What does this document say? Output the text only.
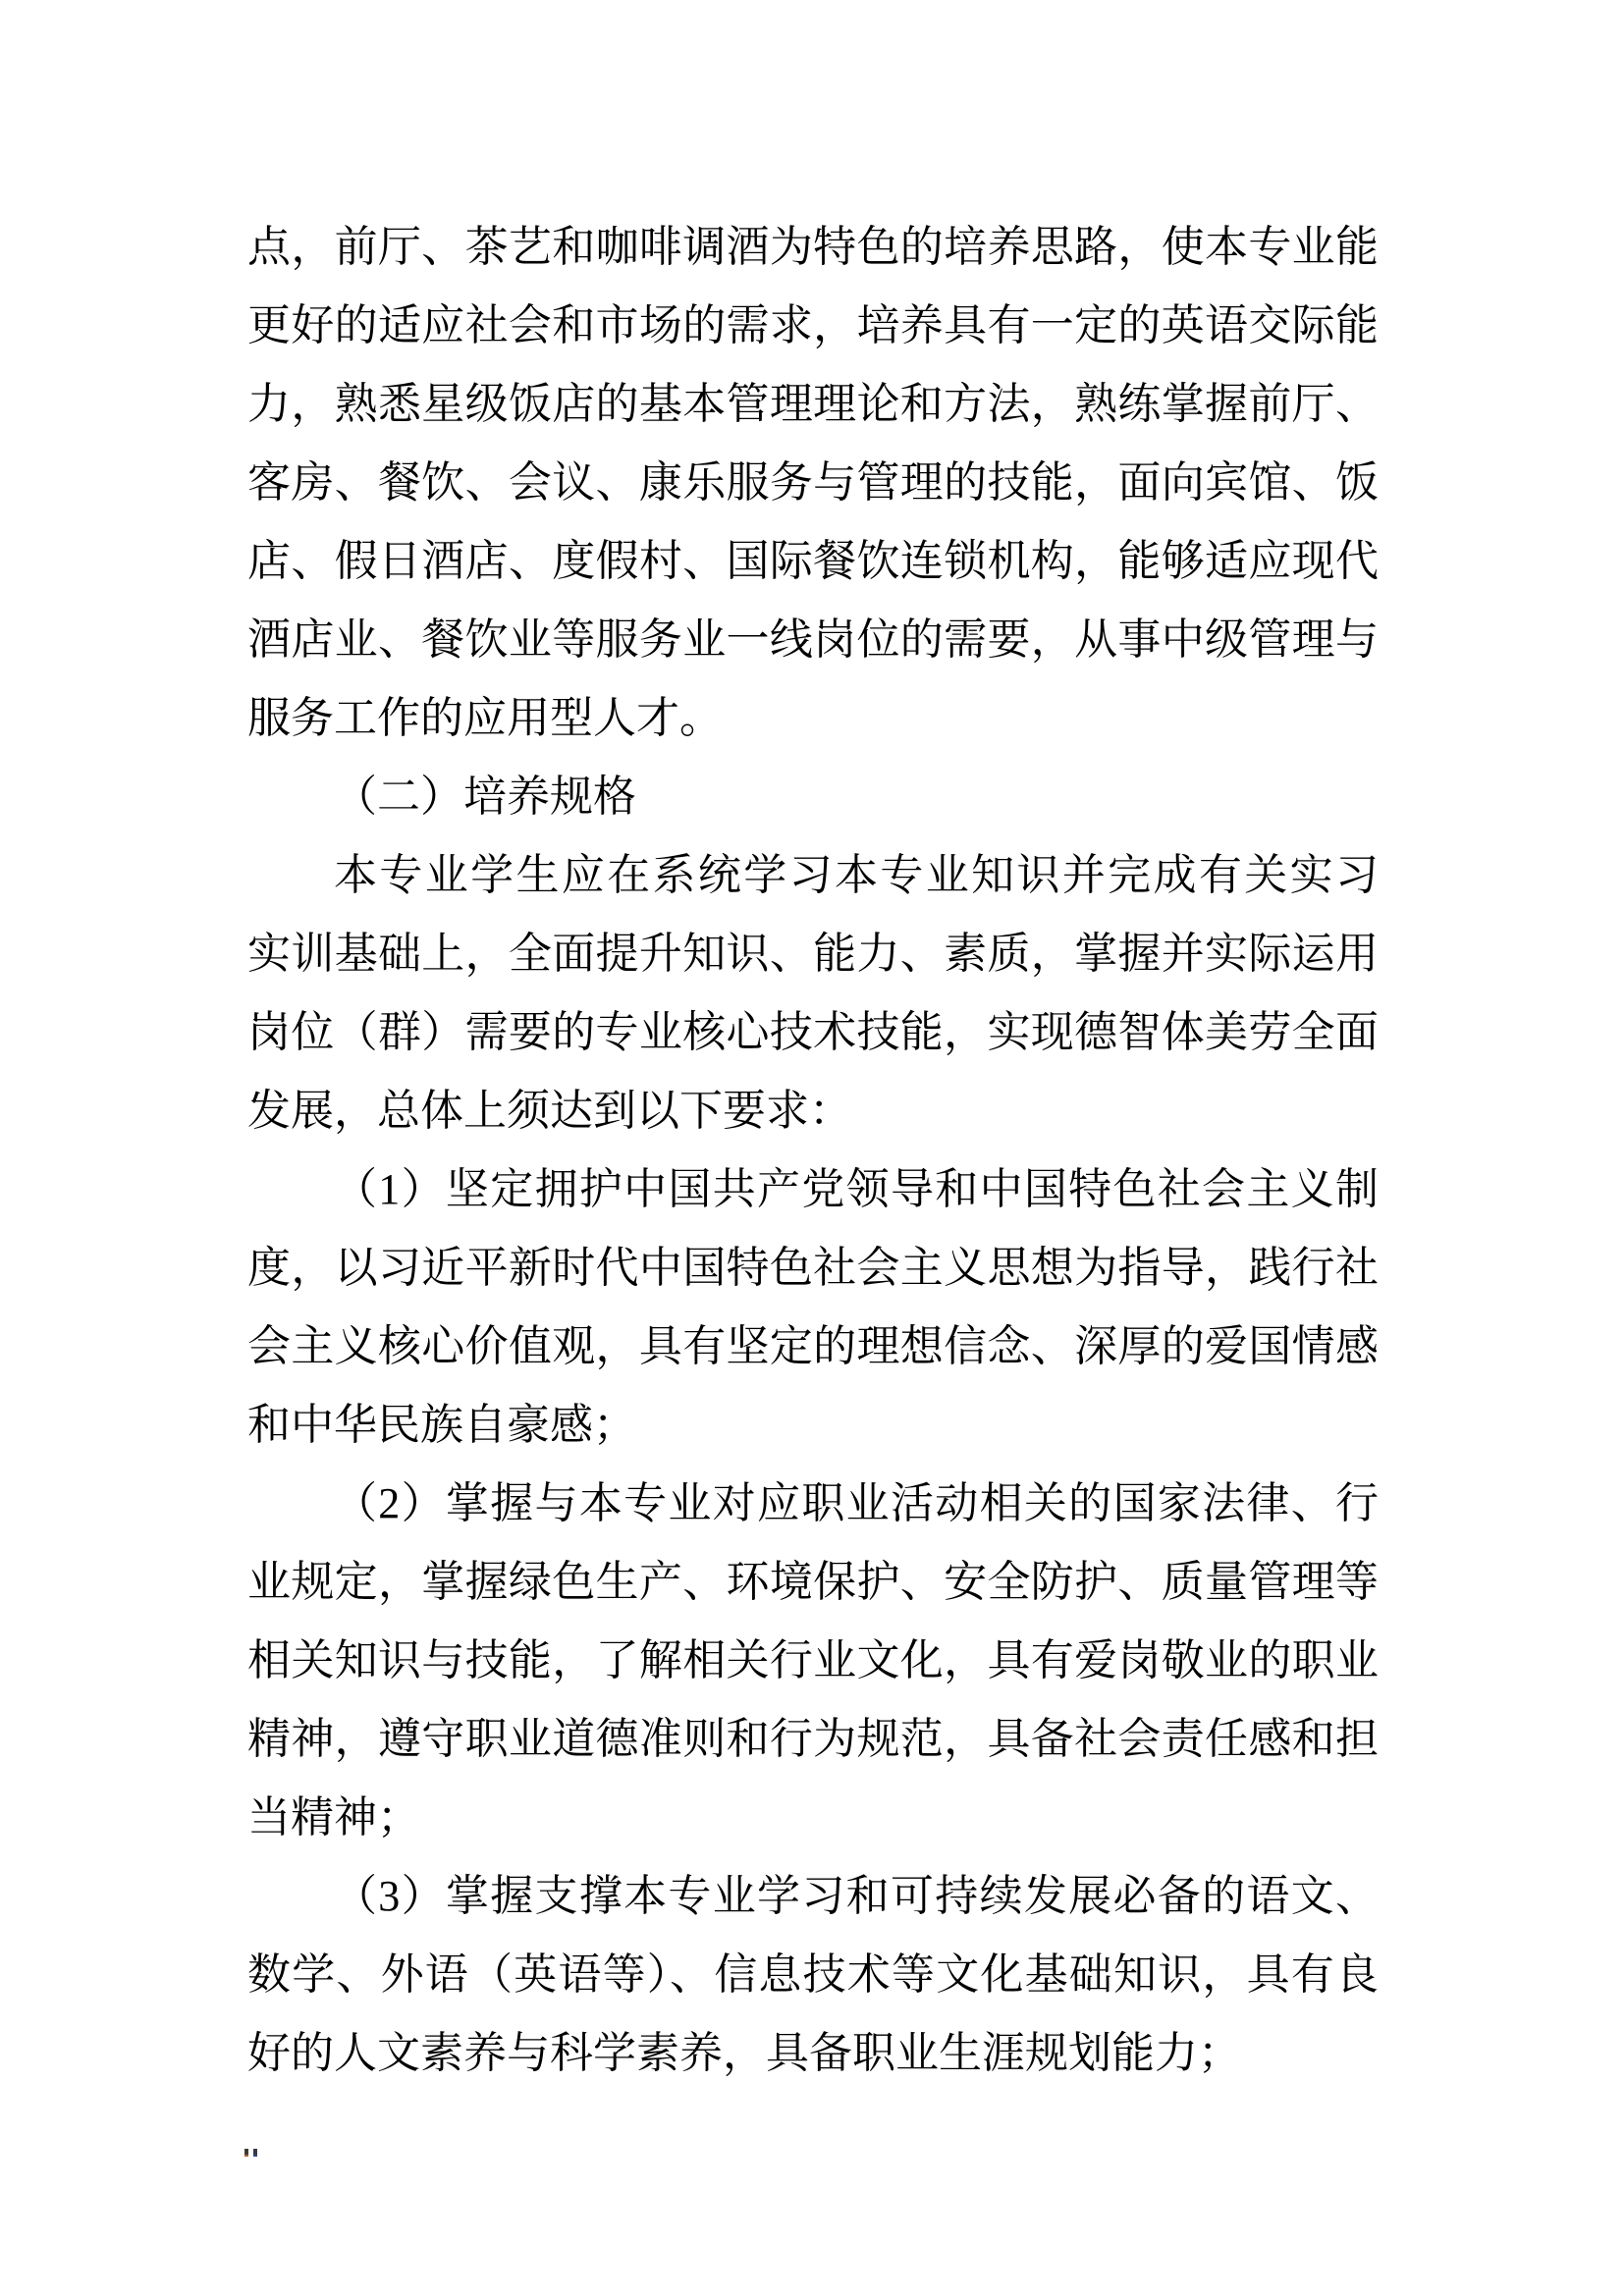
点，前厅、茶艺和咖啡调酒为特色的培养思路，使本专业能
更好的适应社会和市场的需求，培养具有一定的英语交际能
力，熟悉星级饭店的基本管理理论和方法，熟练掌握前厅、
客房、餐饮、会议、康乐服务与管理的技能，面向宾馆、饭
店、假日酒店、度假村、国际餐饮连锁机构，能够适应现代
酒店业、餐饮业等服务业一线岗位的需要，从事中级管理与
服务工作的应用型人才。
（二）培养规格
本专业学生应在系统学习本专业知识并完成有关实习
实训基础上，全面提升知识、能力、素质，掌握并实际运用
岗位（群）需要的专业核心技术技能，实现德智体美劳全面
发展，总体上须达到以下要求：
（1）坚定拥护中国共产党领导和中国特色社会主义制
度，以习近平新时代中国特色社会主义思想为指导，践行社
会主义核心价值观，具有坚定的理想信念、深厚的爱国情感
和中华民族自豪感；
（2）掌握与本专业对应职业活动相关的国家法律、行
业规定，掌握绿色生产、环境保护、安全防护、质量管理等
相关知识与技能，了解相关行业文化，具有爱岗敬业的职业
精神，遵守职业道德准则和行为规范，具备社会责任感和担
当精神；
（3）掌握支撑本专业学习和可持续发展必备的语文、
数学、外语（英语等）、信息技术等文化基础知识，具有良
好的人文素养与科学素养，具备职业生涯规划能力；
